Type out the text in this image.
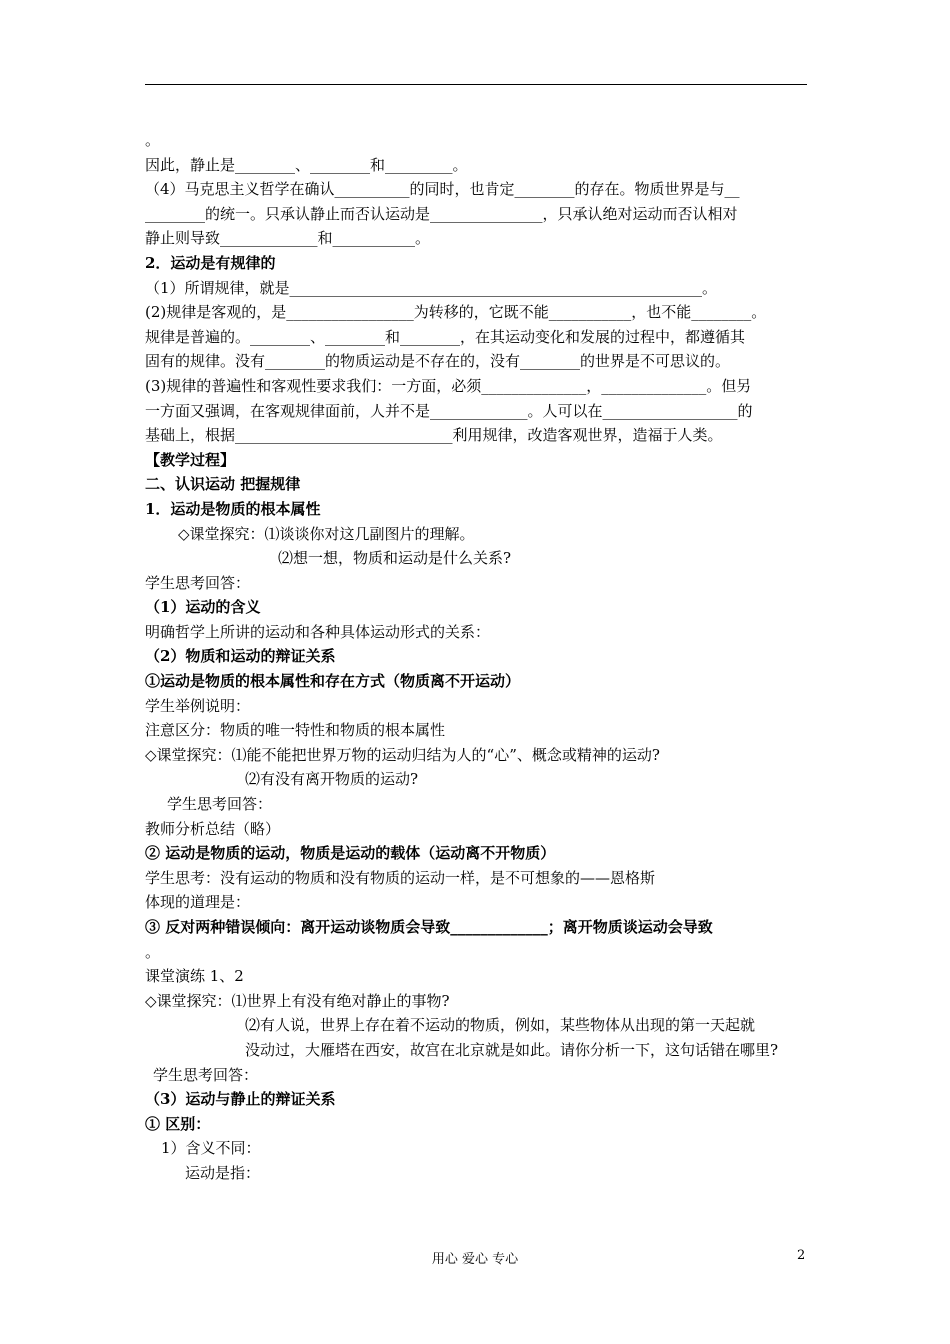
。
因此，静止是________、________和_________。
（4）马克思主义哲学在确认__________的同时，也肯定________的存在。物质世界是与__
________的统一。只承认静止而否认运动是_______________，只承认绝对运动而否认相对
静止则导致_____________和___________。
2．运动是有规律的
（1）所谓规律，就是_______________________________________________________。
(2)规律是客观的，是_________________为转移的，它既不能___________，也不能________。
规律是普遍的。________、________和________，在其运动变化和发展的过程中，都遵循其
固有的规律。没有________的物质运动是不存在的，没有________的世界是不可思议的。
(3)规律的普遍性和客观性要求我们：一方面，必须______________，______________。但另
一方面又强调，在客观规律面前，人并不是_____________。人可以在__________________的
基础上，根据_____________________________利用规律，改造客观世界，造福于人类。
【教学过程】
二、认识运动 把握规律
1．运动是物质的根本属性
◇课堂探究：⑴谈谈你对这几副图片的理解。
⑵想一想，物质和运动是什么关系?
学生思考回答：
（1）运动的含义
明确哲学上所讲的运动和各种具体运动形式的关系：
（2）物质和运动的辩证关系
①运动是物质的根本属性和存在方式（物质离不开运动）
学生举例说明：
注意区分：物质的唯一特性和物质的根本属性
◇课堂探究：⑴能不能把世界万物的运动归结为人的“心”、概念或精神的运动?
⑵有没有离开物质的运动?
学生思考回答：
教师分析总结（略）
② 运动是物质的运动，物质是运动的载体（运动离不开物质）
学生思考：没有运动的物质和没有物质的运动一样，是不可想象的——恩格斯
体现的道理是：
③ 反对两种错误倾向：离开运动谈物质会导致_____________；离开物质谈运动会导致
。
课堂演练 1、2
◇课堂探究：⑴世界上有没有绝对静止的事物?
⑵有人说，世界上存在着不运动的物质，例如，某些物体从出现的第一天起就
没动过，大雁塔在西安，故宫在北京就是如此。请你分析一下，这句话错在哪里?
学生思考回答：
（3）运动与静止的辩证关系
① 区别：
1）含义不同：
运动是指：
用心 爱心 专心	2
